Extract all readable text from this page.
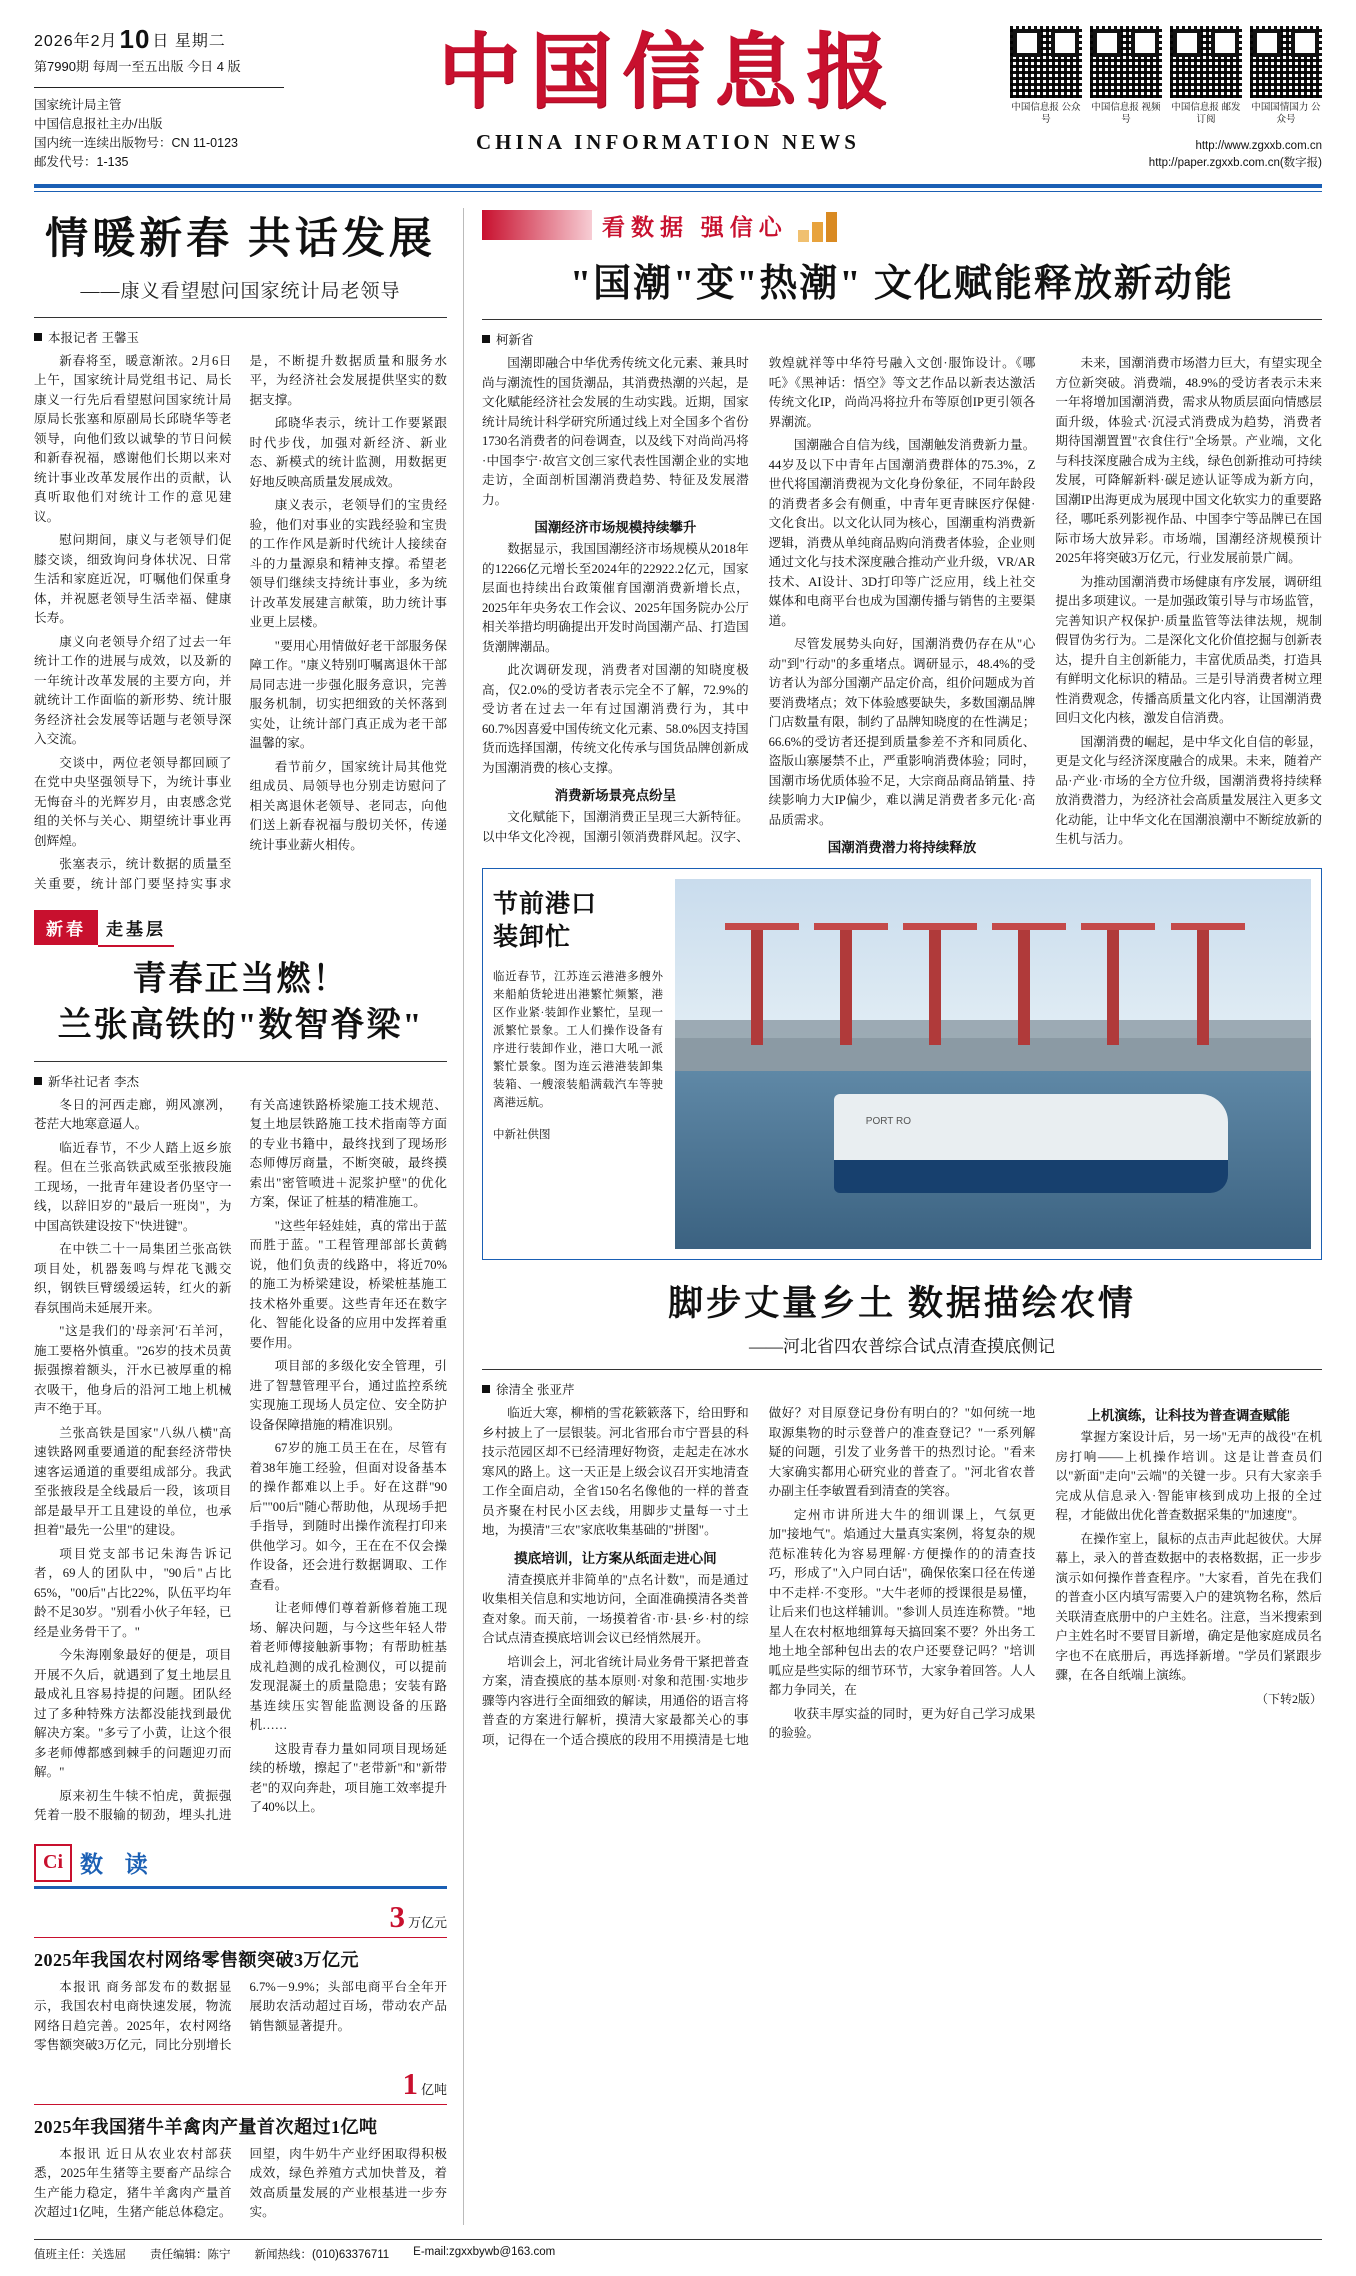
2026年2月10 日 星期二
第7990期 每周一至五出版 今日 4 版
国家统计局主管
中国信息报社主办/出版
国内统一连续出版物号：CN 11-0123
邮发代号：1-135
中国信息报
CHINA INFORMATION NEWS
中国信息报 公众号
中国信息报 视频号
中国信息报 邮发订阅
中国国情国力 公众号
http://www.zgxxb.com.cn
http://paper.zgxxb.com.cn(数字报)
情暖新春 共话发展
——康义看望慰问国家统计局老领导
本报记者 王馨玉

新春将至，暖意渐浓。2月6日上午，国家统计局党组书记、局长康义一行先后看望慰问国家统计局原局长张塞和原副局长邱晓华等老领导，向他们致以诚挚的节日问候和新春祝福，感谢他们长期以来对统计事业改革发展作出的贡献，认真听取他们对统计工作的意见建议。

慰问期间，康义与老领导们促膝交谈，细致询问身体状况、日常生活和家庭近况，叮嘱他们保重身体，并祝愿老领导生活幸福、健康长寿。

康义向老领导介绍了过去一年统计工作的进展与成效，以及新的一年统计改革发展的主要方向，并就统计工作面临的新形势、统计服务经济社会发展等话题与老领导深入交流。

交谈中，两位老领导都回顾了在党中央坚强领导下，为统计事业无悔奋斗的光辉岁月，由衷感念党组的关怀与关心、期望统计事业再创辉煌。

张塞表示，统计数据的质量至关重要，统计部门要坚持实事求是，不断提升数据质量和服务水平，为经济社会发展提供坚实的数据支撑。

邱晓华表示，统计工作要紧跟时代步伐，加强对新经济、新业态、新模式的统计监测，用数据更好地反映高质量发展成效。

康义表示，老领导们的宝贵经验，他们对事业的实践经验和宝贵的工作作风是新时代统计人接续奋斗的力量源泉和精神支撑。希望老领导们继续支持统计事业，多为统计改革发展建言献策，助力统计事业更上层楼。

"要用心用情做好老干部服务保障工作。"康义特别叮嘱离退休干部局同志进一步强化服务意识，完善服务机制，切实把细致的关怀落到实处，让统计部门真正成为老干部温馨的家。

看节前夕，国家统计局其他党组成员、局领导也分别走访慰问了相关离退休老领导、老同志，向他们送上新春祝福与殷切关怀，传递统计事业薪火相传。

新春 走基层
青春正当燃！
兰张高铁的"数智脊梁"
新华社记者 李杰

冬日的河西走廊，朔风凛冽，苍茫大地寒意逼人。

临近春节，不少人踏上返乡旅程。但在兰张高铁武威至张掖段施工现场，一批青年建设者仍坚守一线，以辞旧岁的"最后一班岗"，为中国高铁建设按下"快进键"。

在中铁二十一局集团兰张高铁项目处，机器轰鸣与焊花飞溅交织，钢铁巨臂缓缓运转，红火的新春氛围尚未延展开来。

"这是我们的'母亲河'石羊河，施工要格外慎重。"26岁的技术员黄振强擦着额头，汗水已被厚重的棉衣吸干，他身后的沿河工地上机械声不绝于耳。

兰张高铁是国家"八纵八横"高速铁路网重要通道的配套经济带快速客运通道的重要组成部分。我武至张掖段是全线最后一段，该项目部是最早开工且建设的单位，也承担着"最先一公里"的建设。

项目党支部书记朱海告诉记者，69人的团队中，"90后"占比65%，"00后"占比22%，队伍平均年龄不足30岁。"别看小伙子年轻，已经是业务骨干了。"

今朱海刚象最好的便是，项目开展不久后，就遇到了复土地层且最成礼且容易持提的问题。团队经过了多种特殊方法都没能找到最优解决方案。"多亏了小黄，让这个很多老师傅都感到棘手的问题迎刃而解。"

原来初生牛犊不怕虎，黄振强凭着一股不服输的韧劲，埋头扎进有关高速铁路桥梁施工技术规范、复土地层铁路施工技术指南等方面的专业书籍中，最终找到了现场形态师傅厉商量，不断突破，最终摸索出"密管喷进＋泥浆护壁"的优化方案，保证了桩基的精准施工。

"这些年轻娃娃，真的常出于蓝而胜于蓝。"工程管理部部长黄鹤说，他们负责的线路中，将近70%的施工为桥梁建设，桥梁桩基施工技术格外重要。这些青年还在数字化、智能化设备的应用中发挥着重要作用。

项目部的多级化安全管理，引进了智慧管理平台，通过监控系统实现施工现场人员定位、安全防护设备保障措施的精准识别。

67岁的施工员王在在，尽管有着38年施工经验，但面对设备基本的操作都难以上手。好在这群"90后""00后"随心帮助他，从现场手把手指导，到随时出操作流程打印来供他学习。如今，王在在不仅会操作设备，还会进行数据调取、工作查看。

让老师傅们尊着新修着施工现场、解决问题，与今这些年轻人带着老师傅接触新事物；有帮助桩基成礼趋测的成孔检测仪，可以提前发现混凝土的质量隐患；安装有路基连续压实智能监测设备的压路机……

这股青春力量如同项目现场延续的桥墩，擦起了"老带新"和"新带老"的双向奔赴，项目施工效率提升了40%以上。

Ci 数 读
3 万亿元
2025年我国农村网络零售额突破3万亿元

本报讯 商务部发布的数据显示，我国农村电商快速发展，物流网络日趋完善。2025年，农村网络零售额突破3万亿元，同比分别增长6.7%－9.9%；头部电商平台全年开展助农活动超过百场，带动农产品销售额显著提升。

1 亿吨
2025年我国猪牛羊禽肉产量首次超过1亿吨

本报讯 近日从农业农村部获悉，2025年生猪等主要畜产品综合生产能力稳定，猪牛羊禽肉产量首次超过1亿吨，生猪产能总体稳定。回望，肉牛奶牛产业纾困取得积极成效，绿色养殖方式加快普及，着效高质量发展的产业根基进一步夯实。

看数据 强信心
"国潮"变"热潮" 文化赋能释放新动能
柯新省

国潮即融合中华优秀传统文化元素、兼具时尚与潮流性的国货潮品，其消费热潮的兴起，是文化赋能经济社会发展的生动实践。近期，国家统计局统计科学研究所通过线上对全国多个省份1730名消费者的问卷调查，以及线下对尚尚冯将·中国李宁·故宫文创三家代表性国潮企业的实地走访，全面剖析国潮消费趋势、特征及发展潜力。

国潮经济市场规模持续攀升

数据显示，我国国潮经济市场规模从2018年的12266亿元增长至2024年的22922.2亿元，国家层面也持续出台政策催育国潮消费新增长点，2025年年央务农工作会议、2025年国务院办公厅相关举措均明确提出开发时尚国潮产品、打造国货潮牌潮品。

此次调研发现，消费者对国潮的知晓度极高，仅2.0%的受访者表示完全不了解，72.9%的受访者在过去一年有过国潮消费行为，其中60.7%因喜爱中国传统文化元素、58.0%因支持国货而选择国潮，传统文化传承与国货品牌创新成为国潮消费的核心支撑。

消费新场景亮点纷呈

文化赋能下，国潮消费正呈现三大新特征。以中华文化冷视，国潮引领消费群风起。汉字、敦煌就祥等中华符号融入文创·服饰设计。《哪吒》《黑神话：悟空》等文艺作品以新表达激活传统文化IP，尚尚冯将拉升布等原创IP更引领各界潮流。

国潮融合自信为线，国潮触发消费新力量。44岁及以下中青年占国潮消费群体的75.3%，Z世代将国潮消费视为文化身份象征，不同年龄段的消费者多会有侧重，中青年更青睐医疗保健·文化食出。以文化认同为核心，国潮重构消费新逻辑，消费从单纯商品购向消费者体验，企业则通过文化与技术深度融合推动产业升级，VR/AR技术、AI设计、3D打印等广泛应用，线上社交媒体和电商平台也成为国潮传播与销售的主要渠道。

尽管发展势头向好，国潮消费仍存在从"心动"到"行动"的多重堵点。调研显示，48.4%的受访者认为部分国潮产品定价高，组价问题成为首要消费堵点；效下体验感要缺失，多数国潮品牌门店数量有限，制约了品牌知晓度的在性满足；66.6%的受访者还提到质量参差不齐和同质化、盗版山寨屡禁不止，严重影响消费体验；同时，国潮市场优质体验不足，大宗商品商品销量、持续影响力大IP偏少，难以满足消费者多元化·高品质需求。

国潮消费潜力将持续释放

未来，国潮消费市场潜力巨大，有望实现全方位新突破。消费端，48.9%的受访者表示未来一年将增加国潮消费，需求从物质层面向情感层面升级，体验式·沉浸式消费成为趋势，消费者期待国潮置置"衣食住行"全场景。产业端，文化与科技深度融合成为主线，绿色创新推动可持续发展，可降解新料·碳足迹认证等成为新方向，国潮IP出海更成为展现中国文化软实力的重要路径，哪吒系列影视作品、中国李宁等品牌已在国际市场大放异彩。市场端，国潮经济规模预计2025年将突破3万亿元，行业发展前景广阔。

为推动国潮消费市场健康有序发展，调研组提出多项建议。一是加强政策引导与市场监管，完善知识产权保护·质量监管等法律法规，规制假冒伪劣行为。二是深化文化价值挖掘与创新表达，提升自主创新能力，丰富优质品类，打造具有鲜明文化标识的精品。三是引导消费者树立理性消费观念，传播高质量文化内容，让国潮消费回归文化内核，激发自信消费。

国潮消费的崛起，是中华文化自信的彰显，更是文化与经济深度融合的成果。未来，随着产品·产业·市场的全方位升级，国潮消费将持续释放消费潜力，为经济社会高质量发展注入更多文化动能，让中华文化在国潮浪潮中不断绽放新的生机与活力。

节前港口
装卸忙

临近春节，江苏连云港港多艘外来船舶货轮进出港繁忙频繁，港区作业紧·装卸作业繁忙，呈现一派繁忙景象。工人们操作设备有序进行装卸作业，港口大吼一派繁忙景象。图为连云港港装卸集装箱、一艘滚装船满载汽车等驶离港远航。

中新社供图
PORT RO
脚步丈量乡土 数据描绘农情
——河北省四农普综合试点清查摸底侧记
徐清全 张亚芹

临近大寒，柳梢的雪花簌簌落下，给田野和乡村披上了一层银装。河北省邢台市宁晋县的科技示范园区却不已经清理好物资，走起走在冰水寒风的路上。这一天正是上级会议召开实地清查工作全面启动，全省150名名像他的一样的普查员齐聚在村民小区去线，用脚步丈量每一寸土地，为摸清"三农"家底收集基础的"拼图"。

摸底培训，让方案从纸面走进心间

清查摸底并非简单的"点名计数"，而是通过收集相关信息和实地访问，全面准确摸清各类普查对象。而天前，一场摸着省·市·县·乡·村的综合试点清查摸底培训会议已经悄然展开。

培训会上，河北省统计局业务骨干紧把普查方案，清查摸底的基本原则·对象和范围·实地步骤等内容进行全面细致的解读，用通俗的语言将普查的方案进行解析，摸清大家最都关心的事项，记得在一个适合摸底的段用不用摸清是七地做好？对目原登记身份有明白的？"如何统一地取源集物的时示登普户的准查登记？"一系列解疑的问题，引发了业务普干的热烈讨论。"看来大家确实都用心研究业的普查了。"河北省农普办副主任李敏置看到清查的笑容。

定州市讲所进大牛的细训课上，气氛更加"接地气"。焰通过大量真实案例，将复杂的规范标准转化为容易理解·方便操作的的清查技巧，形成了"入户同白话"，确保依案口径在传递中不走样·不变形。"大牛老师的授课很是易懂，让后来们也这样辅训。"参训人员连连称赞。"地星人在农村枢地细算每天搞回案不要？外出务工地土地全部种包出去的农户还要登记吗？"培训呱应是些实际的细节环节，大家争着回答。人人都力争同关，在

收获丰厚实益的同时，更为好自己学习成果的验验。

上机演练，让科技为普查调查赋能

掌握方案设计后，另一场"无声的战役"在机房打响——上机操作培训。这是让普查员们以"新面"走向"云端"的关键一步。只有大家亲手完成从信息录入·智能审核到成功上报的全过程，才能做出优化普查数据采集的"加速度"。

在操作室上，鼠标的点击声此起彼伏。大屏幕上，录入的普查数据中的表格数据，正一步步演示如何操作普查程序。"大家看，首先在我们的普查小区内填写需要入户的建筑物名称，然后关联清查底册中的户主姓名。注意，当米搜索到户主姓名时不要冒目新增，确定是他家庭成员名字也不在底册后，再选择新增。"学员们紧跟步骤，在各自纸端上演练。

（下转2版）

值班主任：关选屈 责任编辑：陈宁 新闻热线：(010)63376711 E-mail:zgxxbywb@163.com
